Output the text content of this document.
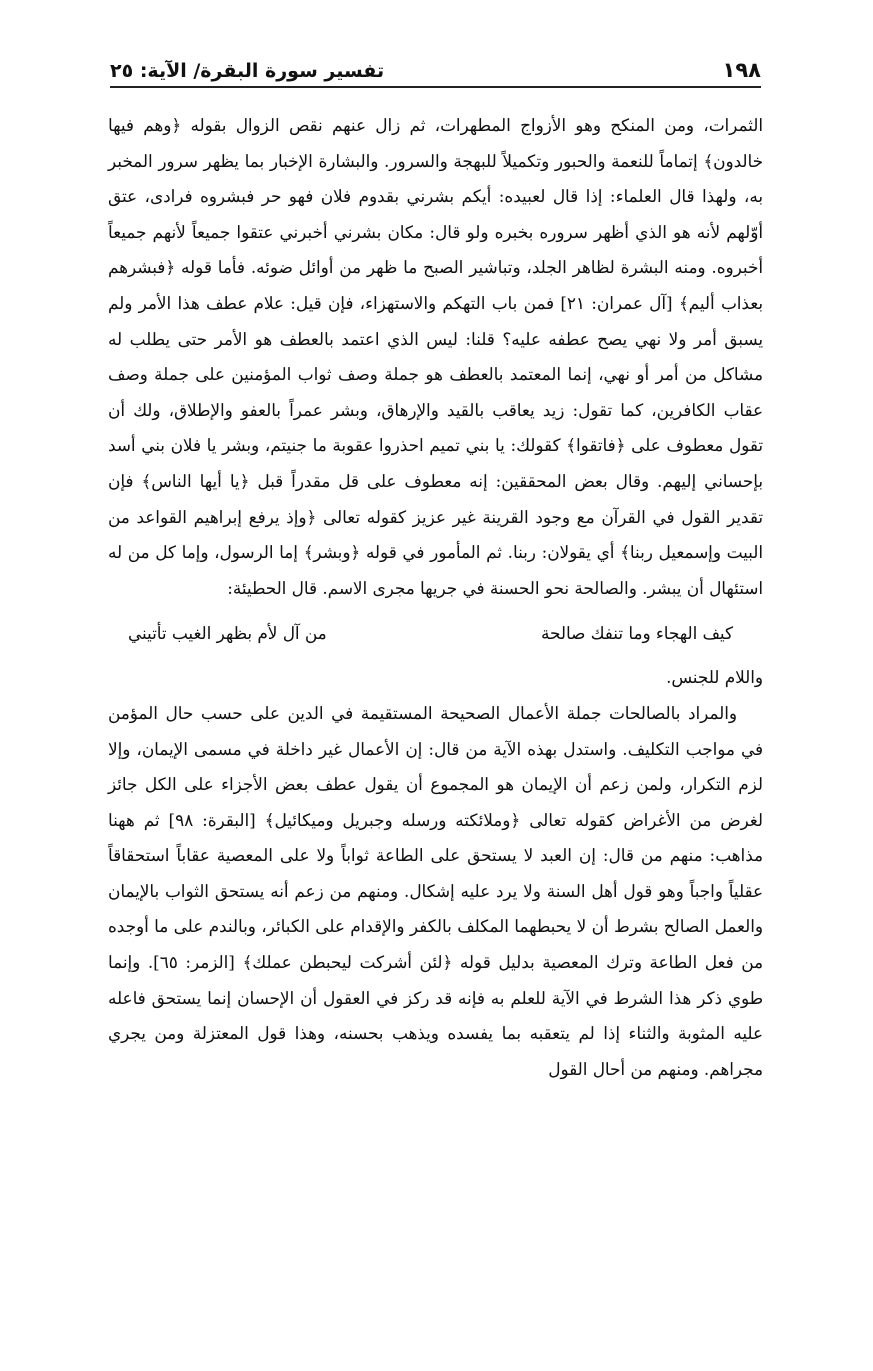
١٩٨
تفسير سورة البقرة/ الآية: ٢٥

الثمرات، ومن المنكح وهو الأزواج المطهرات، ثم زال عنهم نقص الزوال بقوله ﴿وهم فيها خالدون﴾ إتماماً للنعمة والحبور وتكميلاً للبهجة والسرور. والبشارة الإخبار بما يظهر سرور المخبر به، ولهذا قال العلماء: إذا قال لعبيده: أيكم بشرني بقدوم فلان فهو حر فبشروه فرادى، عتق أوّلهم لأنه هو الذي أظهر سروره بخبره ولو قال: مكان بشرني أخبرني عتقوا جميعاً لأنهم جميعاً أخبروه. ومنه البشرة لظاهر الجلد، وتباشير الصبح ما ظهر من أوائل ضوئه. فأما قوله ﴿فبشرهم بعذاب أليم﴾ [آل عمران: ٢١] فمن باب التهكم والاستهزاء، فإن قيل: علام عطف هذا الأمر ولم يسبق أمر ولا نهي يصح عطفه عليه؟ قلنا: ليس الذي اعتمد بالعطف هو الأمر حتى يطلب له مشاكل من أمر أو نهي، إنما المعتمد بالعطف هو جملة وصف ثواب المؤمنين على جملة وصف عقاب الكافرين، كما تقول: زيد يعاقب بالقيد والإرهاق، وبشر عمراً بالعفو والإطلاق، ولك أن تقول معطوف على ﴿فاتقوا﴾ كقولك: يا بني تميم احذروا عقوبة ما جنيتم، وبشر يا فلان بني أسد بإحساني إليهم. وقال بعض المحققين: إنه معطوف على قل مقدراً قبل ﴿يا أيها الناس﴾ فإن تقدير القول في القرآن مع وجود القرينة غير عزيز كقوله تعالى ﴿وإذ يرفع إبراهيم القواعد من البيت وإسمعيل ربنا﴾ أي يقولان: ربنا. ثم المأمور في قوله ﴿وبشر﴾ إما الرسول، وإما كل من له استئهال أن يبشر. والصالحة نحو الحسنة في جريها مجرى الاسم. قال الحطيئة:

كيف الهجاء وما تنفك صالحة
من آل لأم بظهر الغيب تأتيني

واللام للجنس.

والمراد بالصالحات جملة الأعمال الصحيحة المستقيمة في الدين على حسب حال المؤمن في مواجب التكليف. واستدل بهذه الآية من قال: إن الأعمال غير داخلة في مسمى الإيمان، وإلا لزم التكرار، ولمن زعم أن الإيمان هو المجموع أن يقول عطف بعض الأجزاء على الكل جائز لغرض من الأغراض كقوله تعالى ﴿وملائكته ورسله وجبريل وميكائيل﴾ [البقرة: ٩٨] ثم ههنا مذاهب: منهم من قال: إن العبد لا يستحق على الطاعة ثواباً ولا على المعصية عقاباً استحقاقاً عقلياً واجباً وهو قول أهل السنة ولا يرد عليه إشكال. ومنهم من زعم أنه يستحق الثواب بالإيمان والعمل الصالح بشرط أن لا يحبطهما المكلف بالكفر والإقدام على الكبائر، وبالندم على ما أوجده من فعل الطاعة وترك المعصية بدليل قوله ﴿لئن أشركت ليحبطن عملك﴾ [الزمر: ٦٥]. وإنما طوي ذكر هذا الشرط في الآية للعلم به فإنه قد ركز في العقول أن الإحسان إنما يستحق فاعله عليه المثوبة والثناء إذا لم يتعقبه بما يفسده ويذهب بحسنه، وهذا قول المعتزلة ومن يجري مجراهم. ومنهم من أحال القول
